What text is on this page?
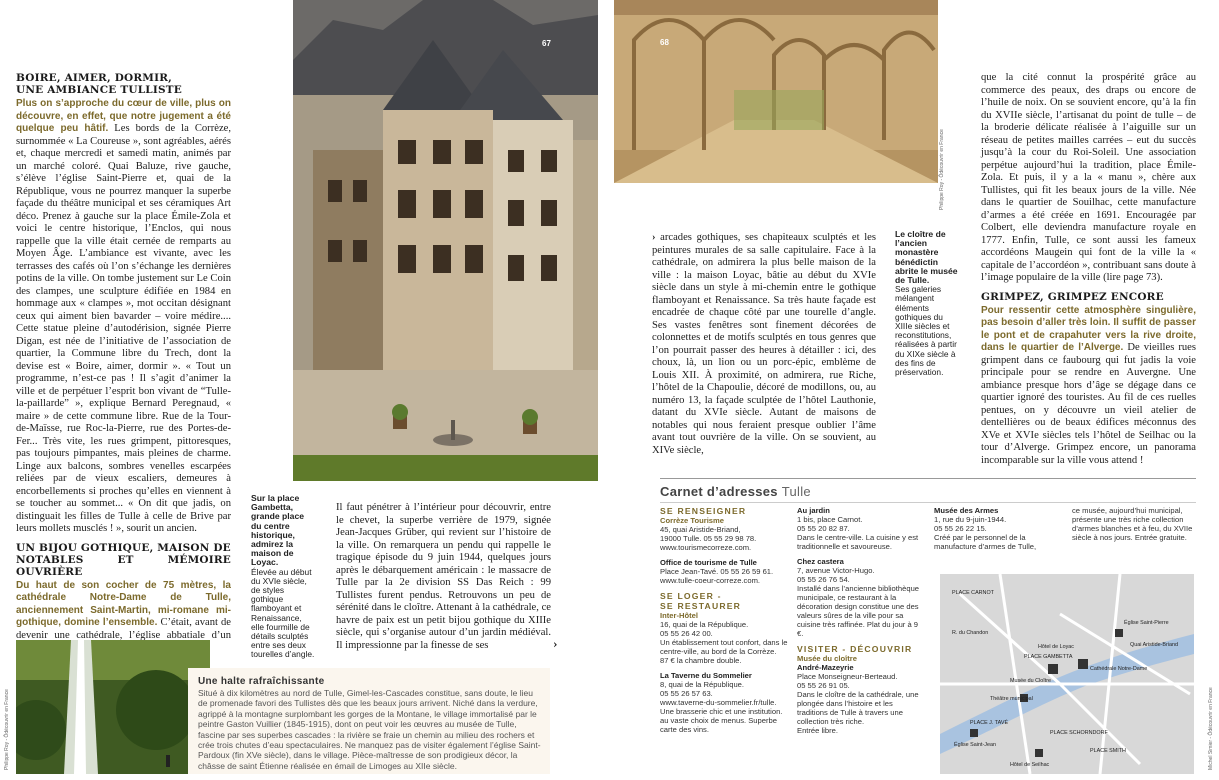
BOIRE, AIMER, DORMIR,
UNE AMBIANCE TULLISTE

Plus on s’approche du cœur de ville, plus on découvre, en effet, que notre jugement a été quelque peu hâtif. Les bords de la Corrèze, surnommée « La Coureuse », sont agréables, aérés et, chaque mercredi et samedi matin, animés par un marché coloré. Quai Baluze, rive gauche, s’élève l’église Saint-Pierre et, quai de la République, vous ne pourrez manquer la superbe façade du théâtre municipal et ses céramiques Art déco. Prenez à gauche sur la place Émile-Zola et voici le centre historique, l’Enclos, qui nous rappelle que la ville était cernée de remparts au Moyen Âge. L’ambiance est vivante, avec les terrasses des cafés où l’on s’échange les dernières potins de la ville. On tombe justement sur Le Coin des clampes, une sculpture édifiée en 1984 en hommage aux « clampes », mot occitan désignant ceux qui aiment bien bavarder – voire médire.... Cette statue pleine d’autodérision, signée Pierre Digan, est née de l’initiative de l’association de quartier, la Commune libre du Trech, dont la devise est « Boire, aimer, dormir ». « Tout un programme, n’est-ce pas ! Il s’agit d’animer la ville et de perpétuer l’esprit bon vivant de “Tulle-la-paillarde” », explique Bernard Peregnaud, « maire » de cette commune libre. Rue de la Tour-de-Maïsse, rue Roc-la-Pierre, rue des Portes-de-Fer... Très vite, les rues grimpent, pittoresques, pas toujours pimpantes, mais pleines de charme. Linge aux balcons, sombres venelles escarpées reliées par de vieux escaliers, demeures à encorbellements si proches qu’elles en viennent à se toucher au sommet... « On dit que jadis, on distinguait les filles de Tulle à celle de Brive par leurs mollets musclés ! », sourit un ancien.

UN BIJOU GOTHIQUE, MAISON DE
NOTABLES ET MÉMOIRE OUVRIÈRE

Du haut de son cocher de 75 mètres, la cathédrale Notre-Dame de Tulle, anciennement Saint-Martin, mi-romane mi-gothique, domine l’ensemble. C’était, avant de devenir une cathédrale, l’église abbatiale d’un

67	68
Philippe Roy - Ôdécouvrir en France
Philippe Roy - Ôdécouvrir en France	Michel Simier - Ôdécouvrir en France
Sur la place Gambetta, grande place du centre historique, admirez la maison de Loyac.
Élevée au début du XVIe siècle, de styles gothique flamboyant et Renaissance, elle fourmille de détails sculptés entre ses deux tourelles d’angle.
Le cloître de l’ancien monastère bénédictin abrite le musée de Tulle.
Ses galeries mélangent éléments gothiques du XIIIe siècles et reconstitutions, réalisées à partir du XIXe siècle à des fins de préservation.

Il faut pénétrer à l’intérieur pour découvrir, entre le chevet, la superbe verrière de 1979, signée Jean-Jacques Grüber, qui revient sur l’histoire de la ville. On remarquera un pendu qui rappelle le tragique épisode du 9 juin 1944, quelques jours après le débarquement américain : le massacre de Tulle par la 2e division SS Das Reich : 99 Tullistes furent pendus. Retrouvons un peu de sérénité dans le cloître. Attenant à la cathédrale, ce havre de paix est un petit bijou gothique du XIIIe siècle, qui s’organise autour d’un jardin médiéval. Il impressionne par la finesse de ses	›

› arcades gothiques, ses chapiteaux sculptés et les peintures murales de sa salle capitulaire. Face à la cathédrale, on admirera la plus belle maison de la ville : la maison Loyac, bâtie au début du XVIe siècle dans un style à mi-chemin entre le gothique flamboyant et Renaissance. Sa très haute façade est encadrée de chaque côté par une tourelle d’angle. Ses vastes fenêtres sont finement décorées de colonnettes et de motifs sculptés en tous genres que l’on pourrait passer des heures à détailler : ici, des choux, là, un lion ou un porc-épic, emblème de Louis XII. À proximité, on admirera, rue Riche, l’hôtel de la Chapoulie, décoré de modillons, ou, au numéro 13, la façade sculptée de l’hôtel Lauthonie, datant du XVIe siècle. Autant de maisons de notables qui nous feraient presque oublier l’âme avant tout ouvrière de la ville. On se souvient, au XIVe siècle,

que la cité connut la prospérité grâce au commerce des peaux, des draps ou encore de l’huile de noix. On se souvient encore, qu’à la fin du XVIIe siècle, l’artisanat du point de tulle – de la broderie délicate réalisée à l’aiguille sur un réseau de petites mailles carrées – eut du succès jusqu’à la cour du Roi-Soleil. Une association perpétue aujourd’hui la tradition, place Émile-Zola. Et puis, il y a la « manu », chère aux Tullistes, qui fit les beaux jours de la ville. Née dans le quartier de Souilhac, cette manufacture d’armes a été créée en 1691. Encouragée par Colbert, elle deviendra manufacture royale en 1777. Enfin, Tulle, ce sont aussi les fameux accordéons Maugein qui font de la ville la « capitale de l’accordéon », contribuant sans doute à l’image populaire de la ville (lire page 73).

GRIMPEZ, GRIMPEZ ENCORE

Pour ressentir cette atmosphère singulière, pas besoin d’aller très loin. Il suffit de passer le pont et de crapahuter vers la rive droite, dans le quartier de l’Alverge. De vieilles rues grimpent dans ce faubourg qui fut jadis la voie principale pour se rendre en Auvergne. Une ambiance presque hors d’âge se dégage dans ce quartier ignoré des touristes. Au fil de ces ruelles pentues, on y découvre un vieil atelier de dentellières ou de beaux édifices méconnus des XVe et XVIe siècles tels l’hôtel de Seilhac ou la tour d’Alverge. Grimpez encore, un panorama incomparable sur la ville vous attend !

Une halte rafraîchissante

Situé à dix kilomètres au nord de Tulle, Gimel-les-Cascades constitue, sans doute, le lieu de promenade favori des Tullistes dès que les beaux jours arrivent. Niché dans la verdure, agrippé à la montagne surplombant les gorges de la Montane, le village immortalisé par le peintre Gaston Vuillier (1845-1915), dont on peut voir les œuvres au musée de Tulle, fascine par ses superbes cascades : la rivière se fraie un chemin au milieu des rochers et crée trois chutes d’eau spectaculaires. Ne manquez pas de visiter également l’église Saint-Pardoux (fin XVe siècle), dans le village. Pièce-maîtresse de son prodigieux décor, la châsse de saint Étienne réalisée en émail de Limoges au XIIe siècle.

Carnet d’adresses Tulle
SE RENSEIGNER
Corrèze Tourisme
45, quai Aristide-Briand,
19000 Tulle. 05 55 29 98 78.
www.tourismecorreze.com.
Office de tourisme de Tulle
Place Jean-Tavé. 05 55 26 59 61.
www.tulle-coeur-correze.com.
SE LOGER -
SE RESTAURER
Inter-Hôtel
16, quai de la République.
05 55 26 42 00.
Un établissement tout confort, dans le centre-ville, au bord de la Corrèze.
87 € la chambre double.
La Taverne du Sommelier
8, quai de la République.
05 55 26 57 63.
www.taverne-du-sommelier.fr/tulle.
Une brasserie chic et une institution.
au vaste choix de menus. Superbe carte des vins.
Au jardin
1 bis, place Carnot.
05 55 20 82 87.
Dans le centre-ville. La cuisine y est traditionnelle et savoureuse.
Chez castera
7, avenue Victor-Hugo.
05 55 26 76 54.
Installé dans l’ancienne bibliothèque municipale, ce restaurant à la décoration design constitue une des valeurs sûres de la ville pour sa cuisine très raffinée. Plat du jour à 9 €.
VISITER - DÉCOUVRIR
Musée du cloître
André-Mazeyrie
Place Monseigneur-Berteaud.
05 55 26 91 05.
Dans le cloître de la cathédrale, une plongée dans l’histoire et les traditions de Tulle à travers une collection très riche.
Entrée libre.
Musée des Armes
1, rue du 9-juin-1944.
05 55 26 22 15.
Créé par le personnel de la manufacture d’armes de Tulle,
ce musée, aujourd’hui municipal, présente une très riche collection d’armes blanches et à feu, du XVIIe siècle à nos jours. Entrée gratuite.
Église Saint-Pierre
Hôtel de Loyac
PLACE GAMBETTA
Cathédrale Notre-Dame
Musée du Cloître
Théâtre municipal
PLACE J. TAVÉ
Église Saint-Jean
PLACE SCHORNDORF
Hôtel de Seilhac
PLACE SMITH
Quai Aristide-Briand
R. du Chandon
PLACE CARNOT
